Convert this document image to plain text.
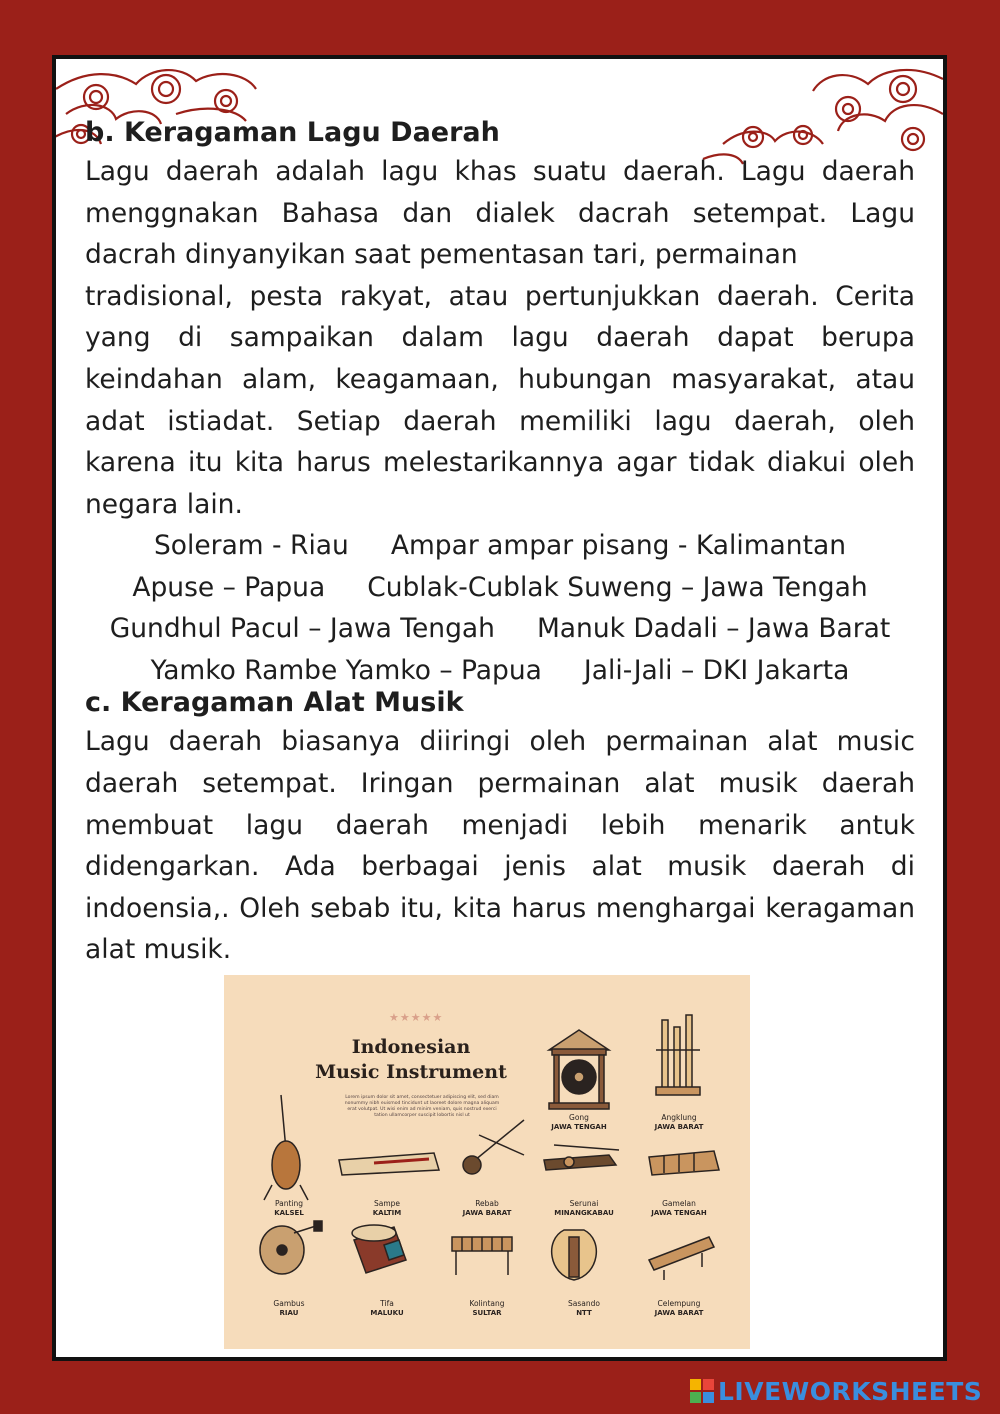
b. Keragaman Lagu Daerah

Lagu daerah adalah lagu khas suatu daerah. Lagu daerah menggnakan Bahasa dan dialek dacrah setempat. Lagu dacrah dinyanyikan saat pementasan tari, permainan

tradisional, pesta rakyat, atau pertunjukkan daerah. Cerita yang di sampaikan dalam lagu daerah dapat berupa keindahan alam, keagamaan, hubungan masyarakat, atau adat istiadat. Setiap daerah memiliki lagu daerah, oleh karena itu kita harus melestarikannya agar tidak diakui oleh negara lain.

Soleram - Riau Ampar ampar pisang - Kalimantan
Apuse – Papua Cublak-Cublak Suweng – Jawa Tengah
Gundhul Pacul – Jawa Tengah Manuk Dadali – Jawa Barat
Yamko Rambe Yamko – Papua Jali-Jali – DKI Jakarta
c. Keragaman Alat Musik

Lagu daerah biasanya diiringi oleh permainan alat music daerah setempat. Iringan permainan alat musik daerah membuat lagu daerah menjadi lebih menarik antuk didengarkan. Ada berbagai jenis alat musik daerah di indoensia,. Oleh sebab itu, kita harus menghargai keragaman alat musik.

★★★★★
Indonesian
Music Instrument
Lorem ipsum dolor sit amet, consectetuer adipiscing elit, sed diam nonummy nibh euismod tincidunt ut laoreet dolore magna aliquam erat volutpat. Ut wisi enim ad minim veniam, quis nostrud exerci tation ullamcorper suscipit lobortis nisl ut	Gong
JAWA TENGAH
Angklung
JAWA BARAT
Panting
KALSEL
Sampe
KALTIM
Rebab
JAWA BARAT
Serunai
MINANGKABAU
Gamelan
JAWA TENGAH
Gambus
RIAU
Tifa
MALUKU
Kolintang
SULTAR
Sasando
NTT
Celempung
JAWA BARAT
LIVEWORKSHEETS
